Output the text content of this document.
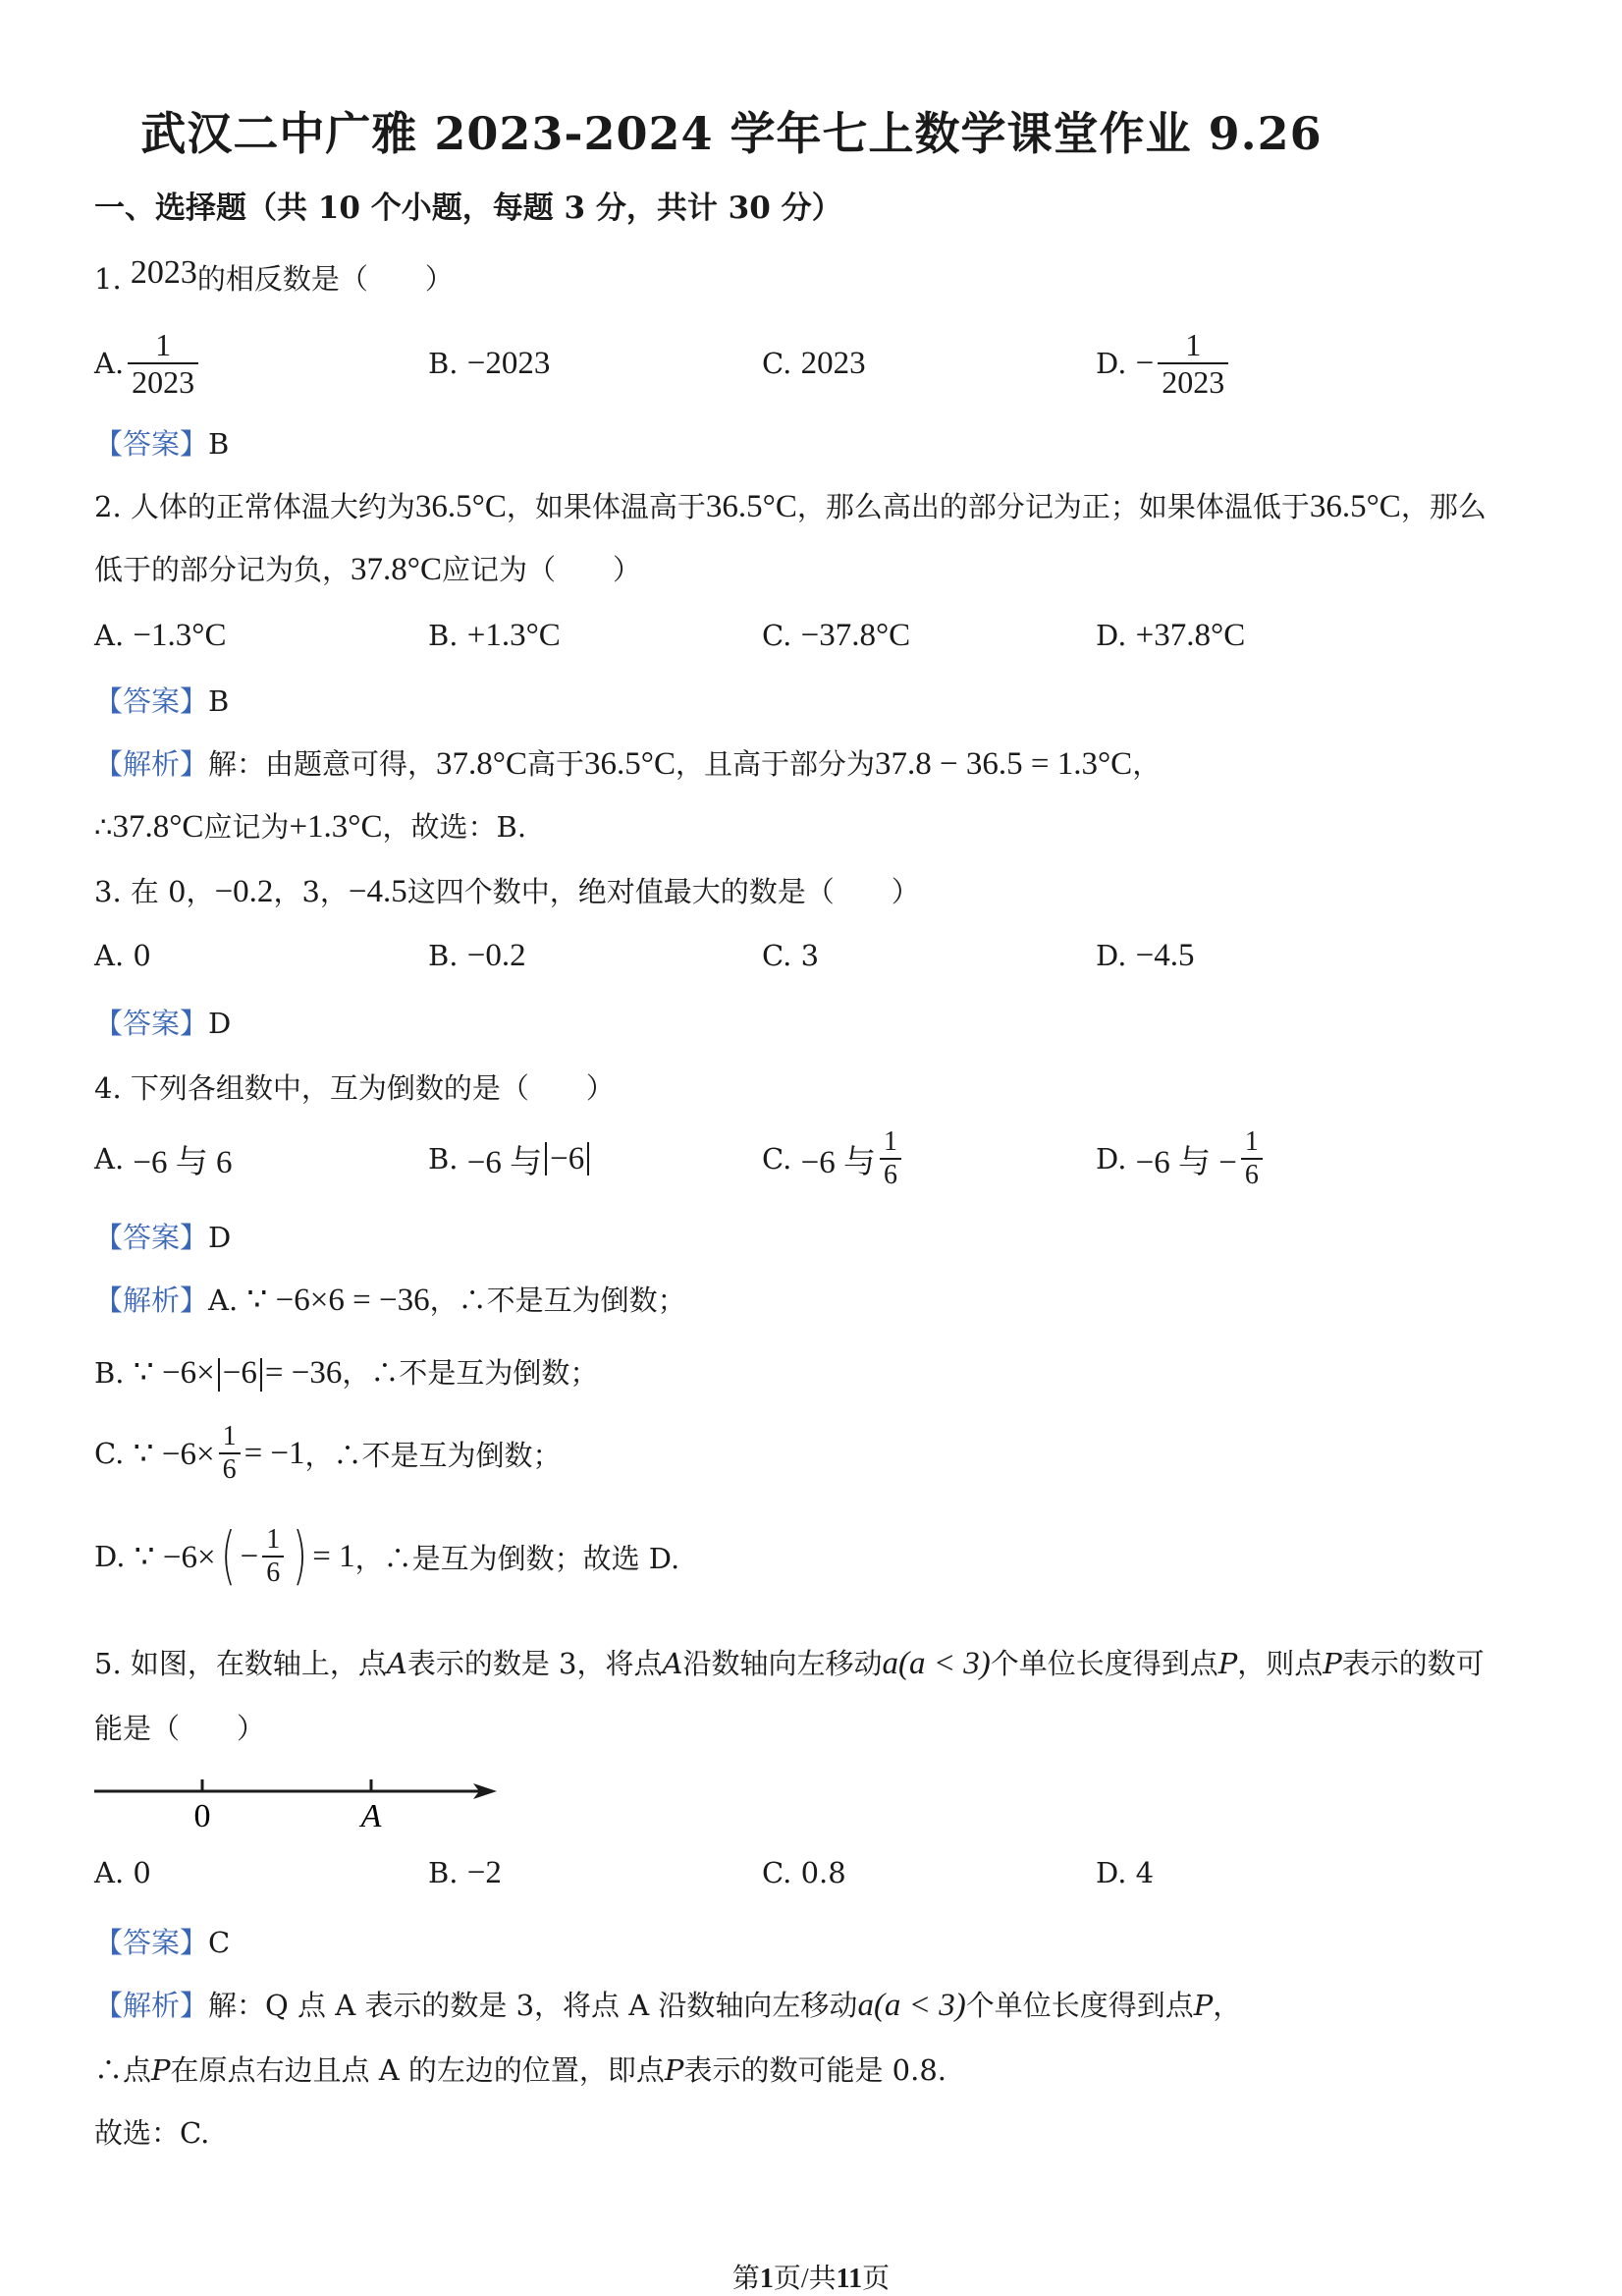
武汉二中广雅 2023-2024 学年七上数学课堂作业 9.26
一、选择题（共 10 个小题，每题 3 分，共计 30 分）
1. 2023的相反数是（　　）
A. $\frac{1}{2023}$	B.
−2023	C.
2023	D.
− $\frac{1}{2023}$
【答案】B
2. 人体的正常体温大约为36.5°C，如果体温高于36.5°C，那么高出的部分记为正；如果体温低于36.5°C，那么
低于的部分记为负，37.8°C应记为（　　）
A.
−1.3°C	B.
+1.3°C	C.
−37.8°C	D.
+37.8°C
【答案】B
【解析】解：由题意可得，37.8°C高于36.5°C，且高于部分为37.8 − 36.5 = 1.3°C，
∴37.8°C应记为+1.3°C，故选：B.
3. 在 0，−0.2，3，−4.5这四个数中，绝对值最大的数是（　　）
A. 0	B.
−0.2	C. 3	D.
−4.5
【答案】D
4. 下列各组数中，互为倒数的是（　　）
A.
−6 与 6	B.
−6 与 −6	C.
−6 与 $\frac{1}{6}$	D.
−6 与 − $\frac{1}{6}$
【答案】D
【解析】A. ∵ −6×6 = −36，∴不是互为倒数；
B. ∵ −6× −6 = −36，∴不是互为倒数；
C.
∵ $-6\times \frac{1}{6} = -1$ ，∴不是互为倒数；
D.
∵ −6× ( − $\frac{1}{6}$ ) = 1 ，∴是互为倒数；故选 D.
5. 如图，在数轴上，点A表示的数是 3，将点A沿数轴向左移动a(a < 3)个单位长度得到点P，则点P表示的数可
能是（　　）
0	A
A. 0	B.
−2	C. 0.8	D. 4
【答案】C
【解析】解：Q 点 A 表示的数是 3，将点 A 沿数轴向左移动a(a < 3)个单位长度得到点P，
∴点P在原点右边且点 A 的左边的位置，即点P表示的数可能是 0.8.
故选：C.
第1页/共11页
